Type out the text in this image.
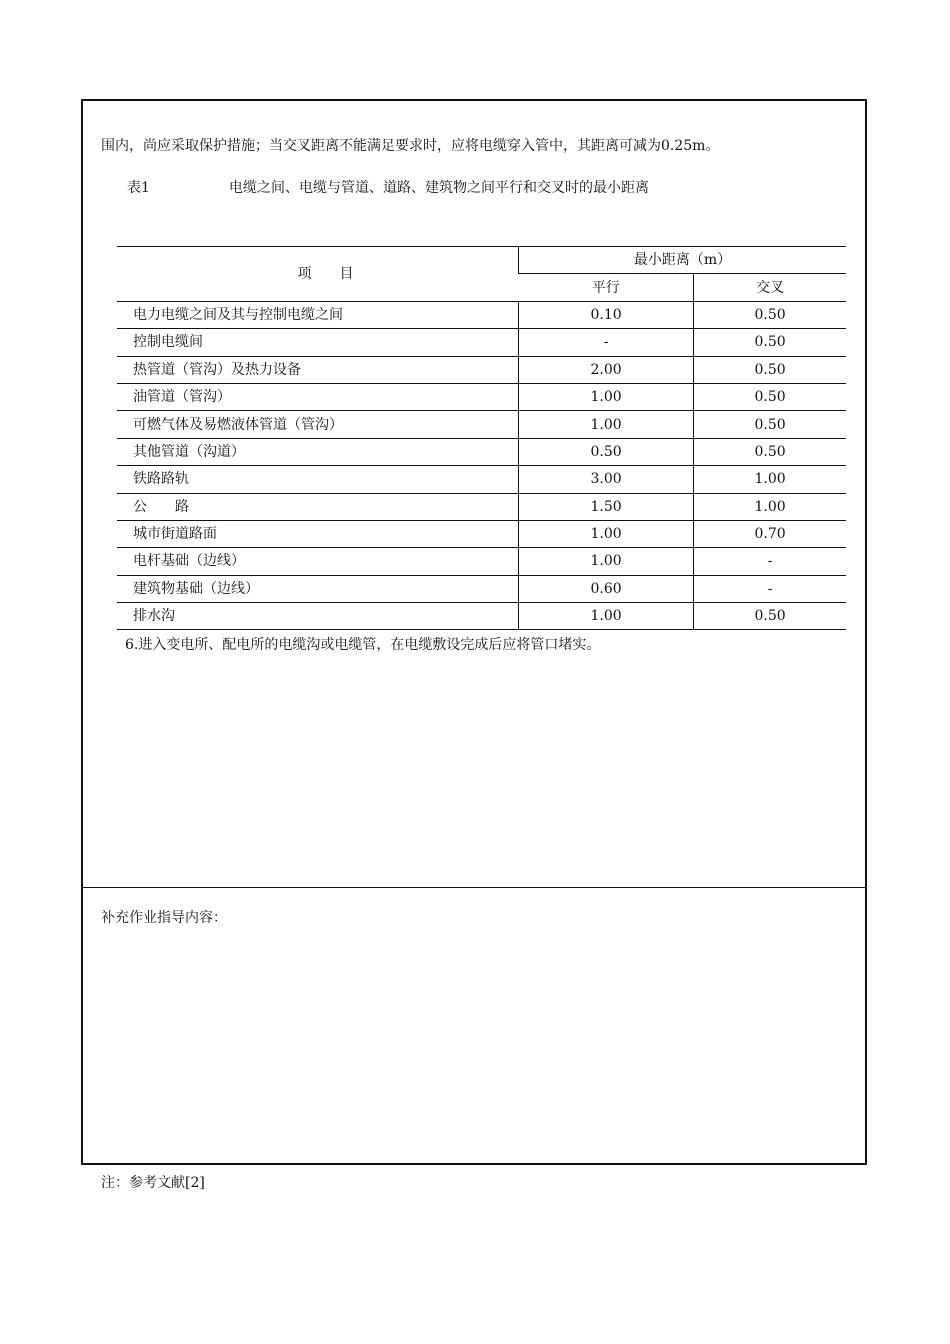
围内，尚应采取保护措施；当交叉距离不能满足要求时，应将电缆穿入管中，其距离可减为0.25m。
表1	电缆之间、电缆与管道、道路、建筑物之间平行和交叉时的最小距离
项　　目	最小距离（m）	
	平行	交叉
电力电缆之间及其与控制电缆之间	0.10	0.50
控制电缆间	-	0.50
热管道（管沟）及热力设备	2.00	0.50
油管道（管沟）	1.00	0.50
可燃气体及易燃液体管道（管沟）	1.00	0.50
其他管道（沟道）	0.50	0.50
铁路路轨	3.00	1.00
公　　路	1.50	1.00
城市街道路面	1.00	0.70
电杆基础（边线）	1.00	-
建筑物基础（边线）	0.60	-
排水沟	1.00	0.50
6.进入变电所、配电所的电缆沟或电缆管，在电缆敷设完成后应将管口堵实。
补充作业指导内容：
注：参考文献[2]
